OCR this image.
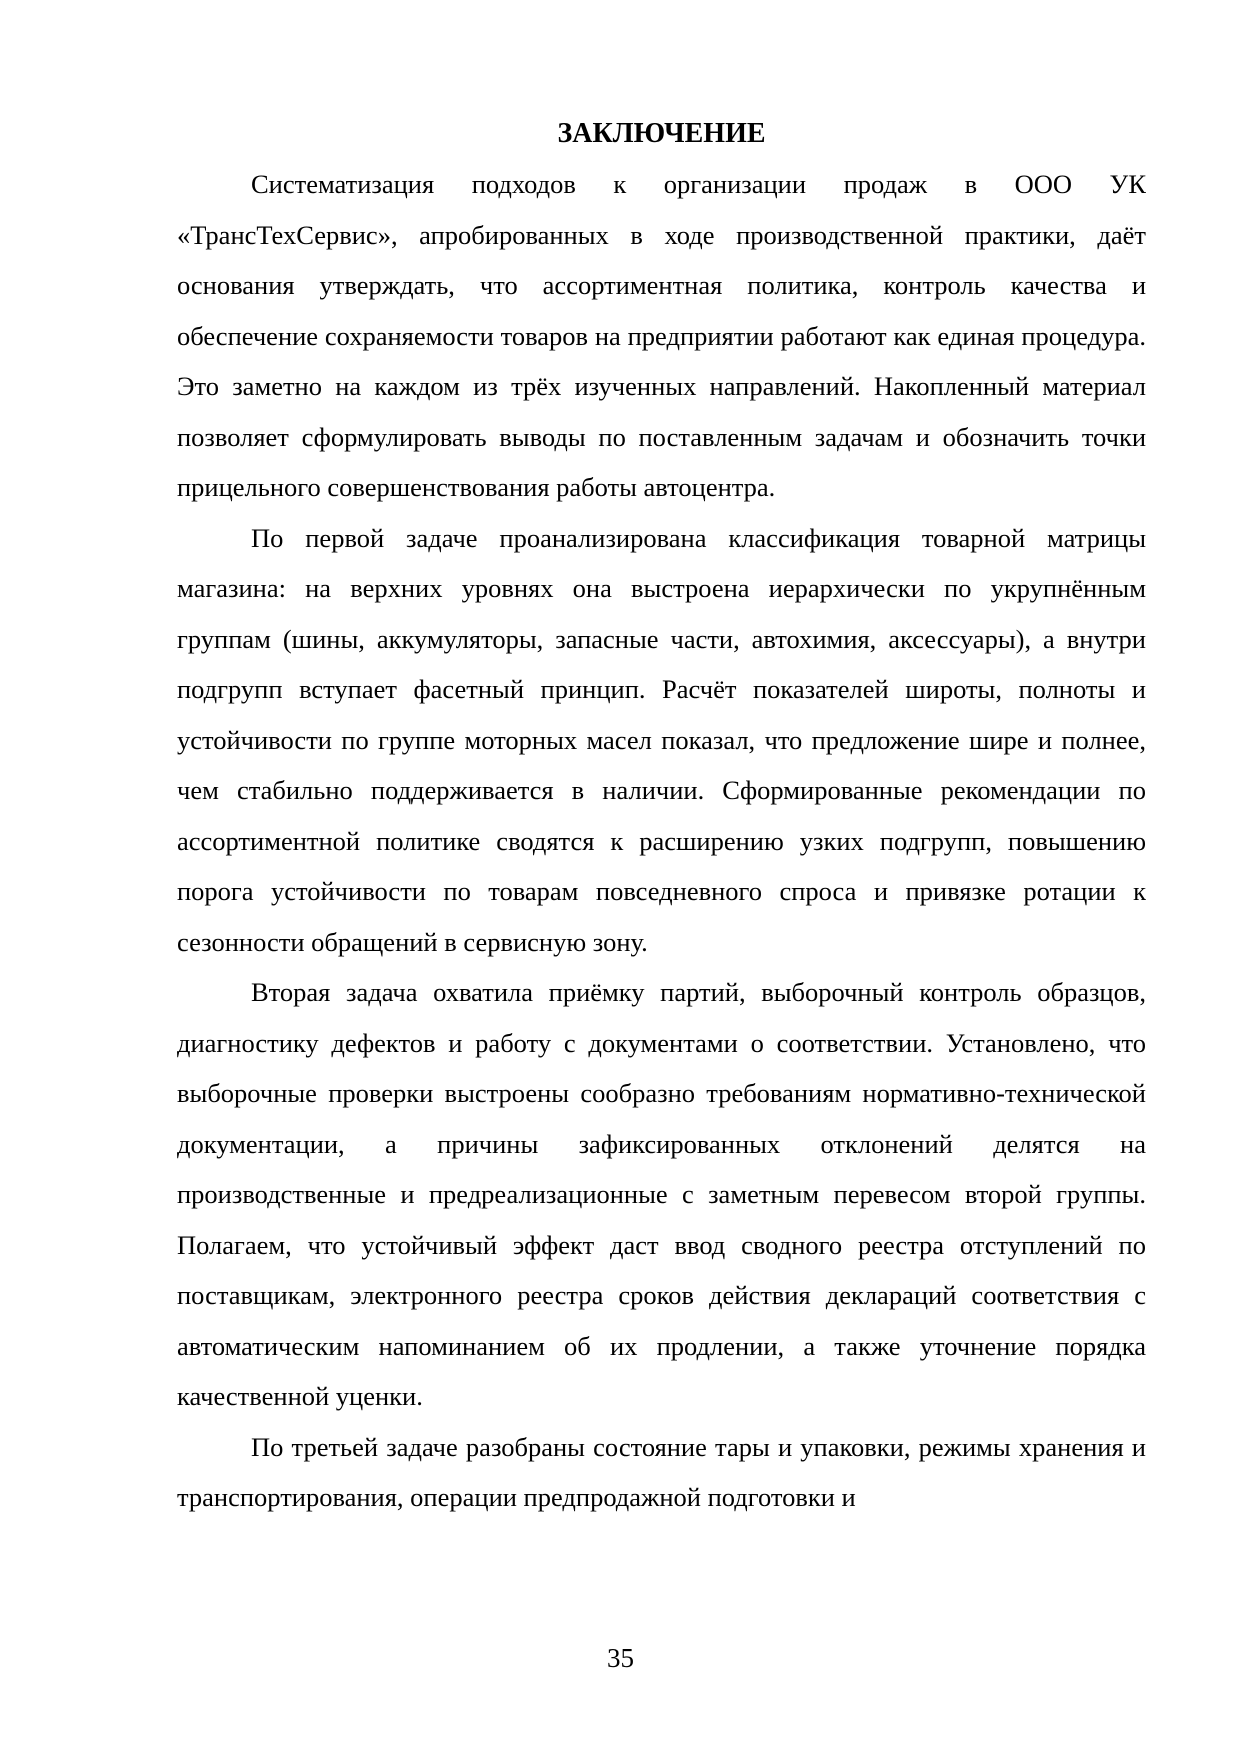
ЗАКЛЮЧЕНИЕ

Систематизация подходов к организации продаж в ООО УК «ТрансТехСервис», апробированных в ходе производственной практики, даёт основания утверждать, что ассортиментная политика, контроль качества и обеспечение сохраняемости товаров на предприятии работают как единая процедура. Это заметно на каждом из трёх изученных направлений. Накопленный материал позволяет сформулировать выводы по поставленным задачам и обозначить точки прицельного совершенствования работы автоцентра.

По первой задаче проанализирована классификация товарной матрицы магазина: на верхних уровнях она выстроена иерархически по укрупнённым группам (шины, аккумуляторы, запасные части, автохимия, аксессуары), а внутри подгрупп вступает фасетный принцип. Расчёт показателей широты, полноты и устойчивости по группе моторных масел показал, что предложение шире и полнее, чем стабильно поддерживается в наличии. Сформированные рекомендации по ассортиментной политике сводятся к расширению узких подгрупп, повышению порога устойчивости по товарам повседневного спроса и привязке ротации к сезонности обращений в сервисную зону.

Вторая задача охватила приёмку партий, выборочный контроль образцов, диагностику дефектов и работу с документами о соответствии. Установлено, что выборочные проверки выстроены сообразно требованиям нормативно-технической документации, а причины зафиксированных отклонений делятся на производственные и предреализационные с заметным перевесом второй группы. Полагаем, что устойчивый эффект даст ввод сводного реестра отступлений по поставщикам, электронного реестра сроков действия деклараций соответствия с автоматическим напоминанием об их продлении, а также уточнение порядка качественной уценки.

По третьей задаче разобраны состояние тары и упаковки, режимы хранения и транспортирования, операции предпродажной подготовки и

35
